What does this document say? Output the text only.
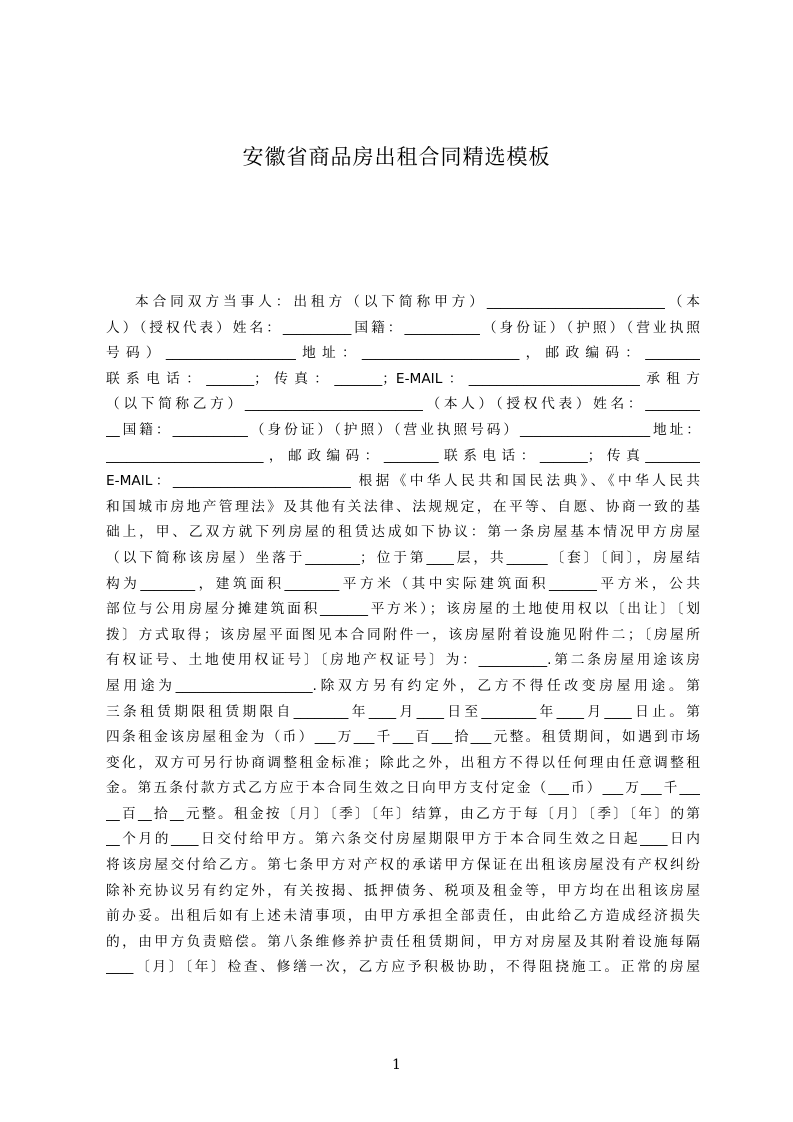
安徽省商品房出租合同精选模板
本合同双方当事人：出租方（以下简称甲方）__________________________（本
人）（授权代表）姓名：__________国籍：___________（身份证）（护照）（营业执照
号码）___________________地址：_______________________，邮政编码：________
联系电话：_______；传真：_______；E-MAIL：_________________________承租方
（以下简称乙方）__________________________（本人）（授权代表）姓名：________
__国籍：___________（身份证）（护照）（营业执照号码）___________________地址：
_______________________，邮政编码：________联系电话：_______；传真________
E-MAIL：__________________________ 根据《中华人民共和国民法典》、《中华人民共
和国城市房地产管理法》及其他有关法律、法规规定，在平等、自愿、协商一致的基
础上，甲、乙双方就下列房屋的租赁达成如下协议：第一条房屋基本情况甲方房屋
（以下简称该房屋）坐落于________；位于第____层，共______〔套〕〔间〕，房屋结
构为________，建筑面积________平方米（其中实际建筑面积_______平方米，公共
部位与公用房屋分摊建筑面积_______平方米）；该房屋的土地使用权以〔出让〕〔划
拨〕方式取得；该房屋平面图见本合同附件一，该房屋附着设施见附件二；〔房屋所
有权证号、土地使用权证号〕〔房地产权证号〕为：__________.第二条房屋用途该房
屋用途为____________________.除双方另有约定外，乙方不得任改变房屋用途。第
三条租赁期限租赁期限自________年____月____日至________年____月____日止。第
四条租金该房屋租金为（币）___万___千___百___拾___元整。租赁期间，如遇到市场
变化，双方可另行协商调整租金标准；除此之外，出租方不得以任何理由任意调整租
金。第五条付款方式乙方应于本合同生效之日向甲方支付定金（___币）___万___千___
__百__拾__元整。租金按〔月〕〔季〕〔年〕结算，由乙方于每〔月〕〔季〕〔年〕的第
__个月的____日交付给甲方。第六条交付房屋期限甲方于本合同生效之日起____日内
将该房屋交付给乙方。第七条甲方对产权的承诺甲方保证在出租该房屋没有产权纠纷
除补充协议另有约定外，有关按揭、抵押债务、税项及租金等，甲方均在出租该房屋
前办妥。出租后如有上述未清事项，由甲方承担全部责任，由此给乙方造成经济损失
的，由甲方负责赔偿。第八条维修养护责任租赁期间，甲方对房屋及其附着设施每隔
____〔月〕〔年〕检查、修缮一次，乙方应予积极协助，不得阻挠施工。正常的房屋
1
